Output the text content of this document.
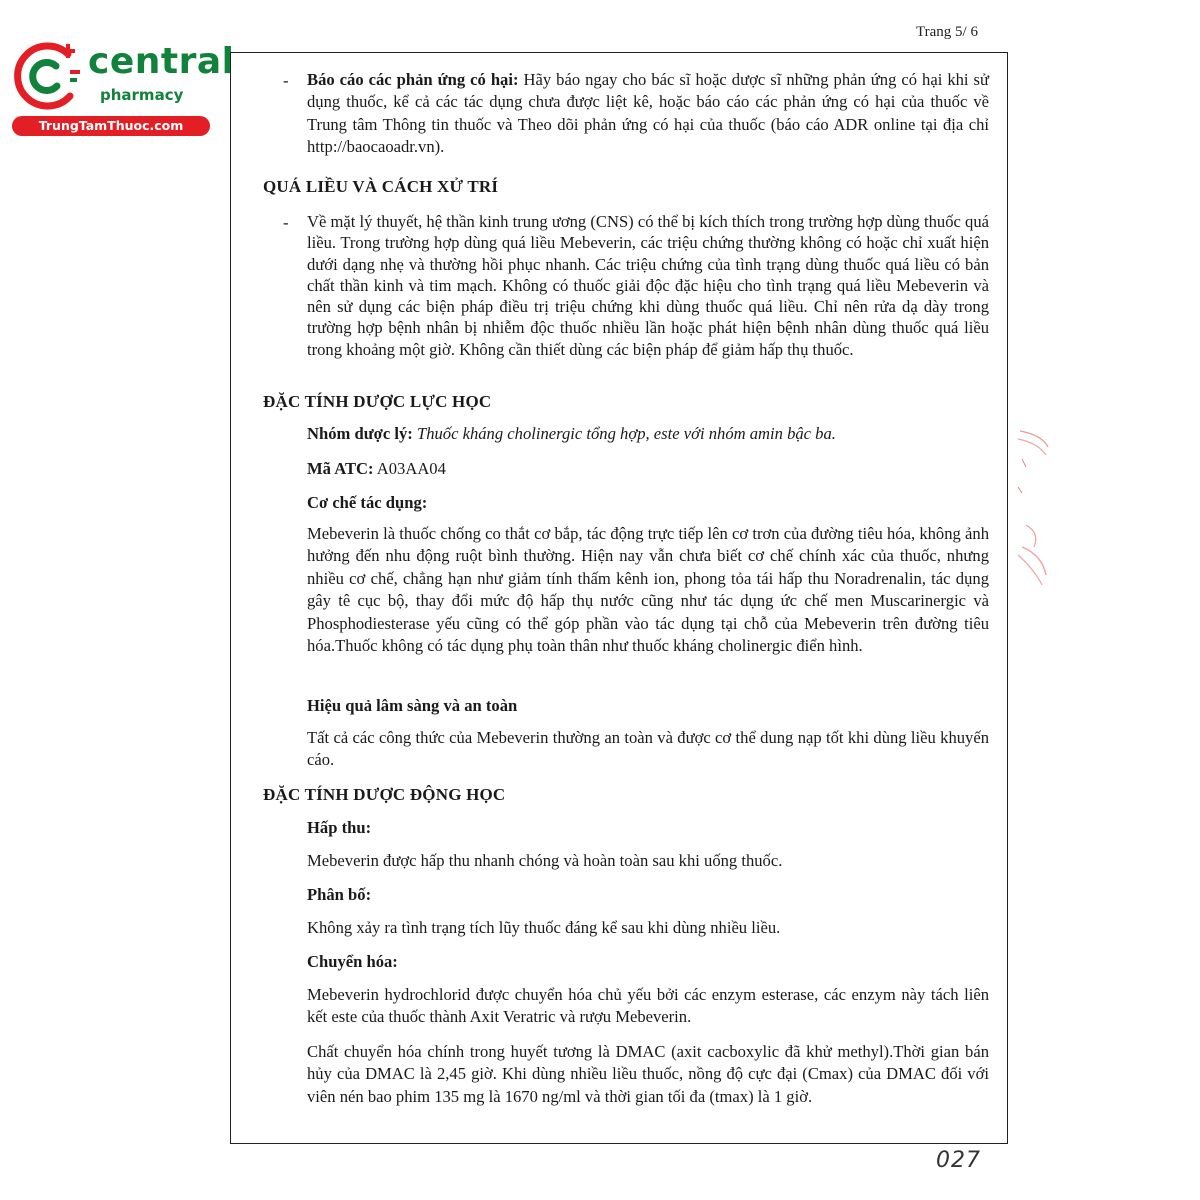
Trang 5/ 6
central
pharmacy
TrungTamThuoc.com
- Báo cáo các phản ứng có hại: Hãy báo ngay cho bác sĩ hoặc dược sĩ những phản ứng có hại khi sử dụng thuốc, kể cả các tác dụng chưa được liệt kê, hoặc báo cáo các phản ứng có hại của thuốc về Trung tâm Thông tin thuốc và Theo dõi phản ứng có hại của thuốc (báo cáo ADR online tại địa chỉ http://baocaoadr.vn).
QUÁ LIỀU VÀ CÁCH XỬ TRÍ
- Về mặt lý thuyết, hệ thần kinh trung ương (CNS) có thể bị kích thích trong trường hợp dùng thuốc quá liều. Trong trường hợp dùng quá liều Mebeverin, các triệu chứng thường không có hoặc chỉ xuất hiện dưới dạng nhẹ và thường hồi phục nhanh. Các triệu chứng của tình trạng dùng thuốc quá liều có bản chất thần kinh và tim mạch. Không có thuốc giải độc đặc hiệu cho tình trạng quá liều Mebeverin và nên sử dụng các biện pháp điều trị triệu chứng khi dùng thuốc quá liều. Chỉ nên rửa dạ dày trong trường hợp bệnh nhân bị nhiễm độc thuốc nhiều lần hoặc phát hiện bệnh nhân dùng thuốc quá liều trong khoảng một giờ. Không cần thiết dùng các biện pháp để giảm hấp thụ thuốc.
ĐẶC TÍNH DƯỢC LỰC HỌC
Nhóm dược lý: Thuốc kháng cholinergic tổng hợp, este với nhóm amin bậc ba.
Mã ATC: A03AA04
Cơ chế tác dụng:
Mebeverin là thuốc chống co thắt cơ bắp, tác động trực tiếp lên cơ trơn của đường tiêu hóa, không ảnh hưởng đến nhu động ruột bình thường. Hiện nay vẫn chưa biết cơ chế chính xác của thuốc, nhưng nhiều cơ chế, chẳng hạn như giảm tính thấm kênh ion, phong tỏa tái hấp thu Noradrenalin, tác dụng gây tê cục bộ, thay đổi mức độ hấp thụ nước cũng như tác dụng ức chế men Muscarinergic và Phosphodiesterase yếu cũng có thể góp phần vào tác dụng tại chỗ của Mebeverin trên đường tiêu hóa.Thuốc không có tác dụng phụ toàn thân như thuốc kháng cholinergic điển hình.
Hiệu quả lâm sàng và an toàn
Tất cả các công thức của Mebeverin thường an toàn và được cơ thể dung nạp tốt khi dùng liều khuyến cáo.
ĐẶC TÍNH DƯỢC ĐỘNG HỌC
Hấp thu:
Mebeverin được hấp thu nhanh chóng và hoàn toàn sau khi uống thuốc.
Phân bố:
Không xảy ra tình trạng tích lũy thuốc đáng kể sau khi dùng nhiều liều.
Chuyển hóa:
Mebeverin hydrochlorid được chuyển hóa chủ yếu bởi các enzym esterase, các enzym này tách liên kết este của thuốc thành Axit Veratric và rượu Mebeverin.
Chất chuyển hóa chính trong huyết tương là DMAC (axit cacboxylic đã khử methyl).Thời gian bán hủy của DMAC là 2,45 giờ. Khi dùng nhiều liều thuốc, nồng độ cực đại (Cmax) của DMAC đối với viên nén bao phim 135 mg là 1670 ng/ml và thời gian tối đa (tmax) là 1 giờ.
027
